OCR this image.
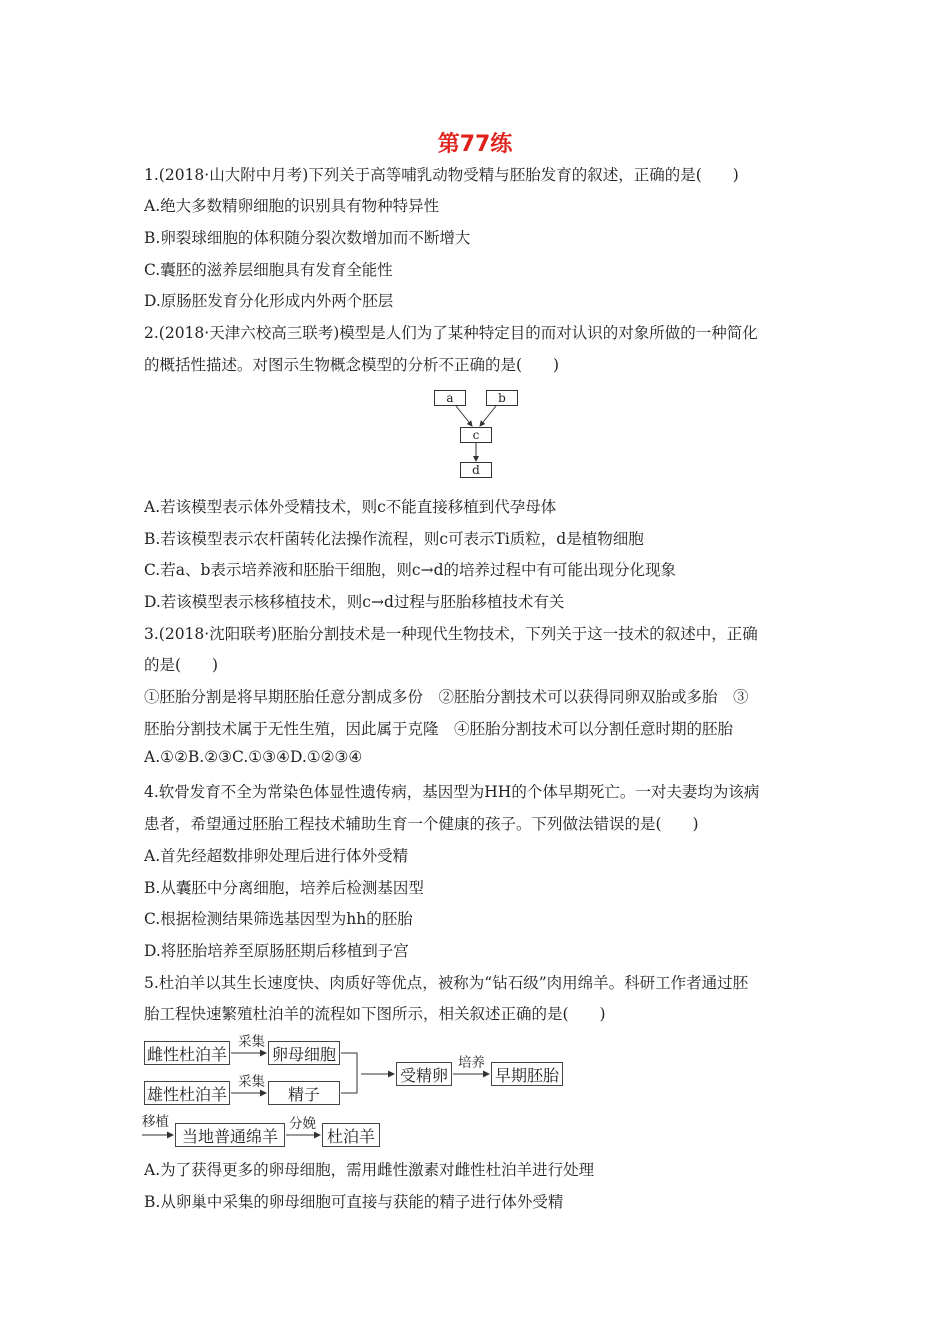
第77练
1.(2018·山大附中月考)下列关于高等哺乳动物受精与胚胎发育的叙述，正确的是(　　)
A.绝大多数精卵细胞的识别具有物种特异性
B.卵裂球细胞的体积随分裂次数增加而不断增大
C.囊胚的滋养层细胞具有发育全能性
D.原肠胚发育分化形成内外两个胚层
2.(2018·天津六校高三联考)模型是人们为了某种特定目的而对认识的对象所做的一种简化
的概括性描述。对图示生物概念模型的分析不正确的是(　　)
a	b
c
d
A.若该模型表示体外受精技术，则c不能直接移植到代孕母体
B.若该模型表示农杆菌转化法操作流程，则c可表示Ti质粒，d是植物细胞
C.若a、b表示培养液和胚胎干细胞，则c→d的培养过程中有可能出现分化现象
D.若该模型表示核移植技术，则c→d过程与胚胎移植技术有关
3.(2018·沈阳联考)胚胎分割技术是一种现代生物技术，下列关于这一技术的叙述中，正确
的是(　　)
①胚胎分割是将早期胚胎任意分割成多份　②胚胎分割技术可以获得同卵双胎或多胎　③
胚胎分割技术属于无性生殖，因此属于克隆　④胚胎分割技术可以分割任意时期的胚胎
A.①②B.②③C.①③④D.①②③④
4.软骨发育不全为常染色体显性遗传病，基因型为HH的个体早期死亡。一对夫妻均为该病
患者，希望通过胚胎工程技术辅助生育一个健康的孩子。下列做法错误的是(　　)
A.首先经超数排卵处理后进行体外受精
B.从囊胚中分离细胞，培养后检测基因型
C.根据检测结果筛选基因型为hh的胚胎
D.将胚胎培养至原肠胚期后移植到子宫
5.杜泊羊以其生长速度快、肉质好等优点，被称为“钻石级”肉用绵羊。科研工作者通过胚
胎工程快速繁殖杜泊羊的流程如下图所示，相关叙述正确的是(　　)
雌性杜泊羊
雄性杜泊羊
卵母细胞
精子
受精卵	早期胚胎
当地普通绵羊	杜泊羊
采集
采集
培养
移植	分娩
A.为了获得更多的卵母细胞，需用雌性激素对雌性杜泊羊进行处理
B.从卵巢中采集的卵母细胞可直接与获能的精子进行体外受精
